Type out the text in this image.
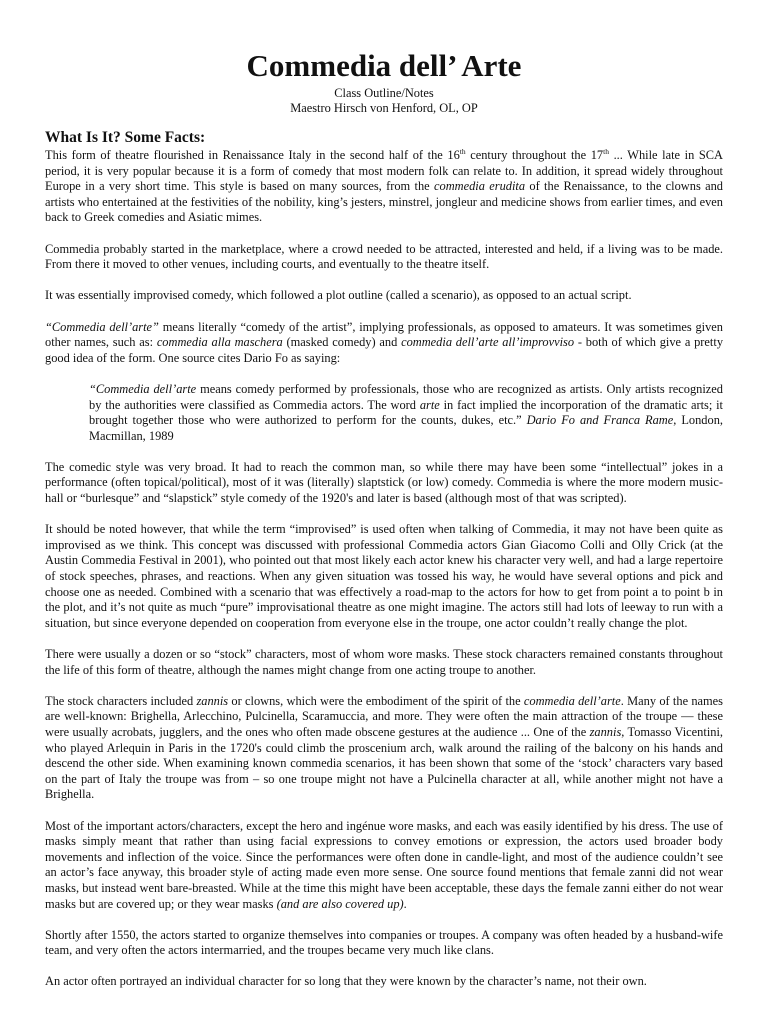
Commedia dell’ Arte
Class Outline/Notes
Maestro Hirsch von Henford, OL, OP
What Is It? Some Facts:

This form of theatre flourished in Renaissance Italy in the second half of the 16th century throughout the 17th ... While late in SCA period, it is very popular because it is a form of comedy that most modern folk can relate to. In addition, it spread widely throughout Europe in a very short time. This style is based on many sources, from the commedia erudita of the Renaissance, to the clowns and artists who entertained at the festivities of the nobility, king’s jesters, minstrel, jongleur and medicine shows from earlier times, and even back to Greek comedies and Asiatic mimes.

Commedia probably started in the marketplace, where a crowd needed to be attracted, interested and held, if a living was to be made. From there it moved to other venues, including courts, and eventually to the theatre itself.

It was essentially improvised comedy, which followed a plot outline (called a scenario), as opposed to an actual script.

“Commedia dell’arte” means literally “comedy of the artist”, implying professionals, as opposed to amateurs. It was sometimes given other names, such as: commedia alla maschera (masked comedy) and commedia dell’arte all’improvviso - both of which give a pretty good idea of the form. One source cites Dario Fo as saying:

“Commedia dell’arte means comedy performed by professionals, those who are recognized as artists. Only artists recognized by the authorities were classified as Commedia actors. The word arte in fact implied the incorporation of the dramatic arts; it brought together those who were authorized to perform for the counts, dukes, etc.” Dario Fo and Franca Rame, London, Macmillan, 1989

The comedic style was very broad. It had to reach the common man, so while there may have been some “intellectual” jokes in a performance (often topical/political), most of it was (literally) slaptstick (or low) comedy. Commedia is where the more modern music-hall or “burlesque” and “slapstick” style comedy of the 1920's and later is based (although most of that was scripted).

It should be noted however, that while the term “improvised” is used often when talking of Commedia, it may not have been quite as improvised as we think. This concept was discussed with professional Commedia actors Gian Giacomo Colli and Olly Crick (at the Austin Commedia Festival in 2001), who pointed out that most likely each actor knew his character very well, and had a large repertoire of stock speeches, phrases, and reactions. When any given situation was tossed his way, he would have several options and pick and choose one as needed. Combined with a scenario that was effectively a road-map to the actors for how to get from point a to point b in the plot, and it’s not quite as much “pure” improvisational theatre as one might imagine. The actors still had lots of leeway to run with a situation, but since everyone depended on cooperation from everyone else in the troupe, one actor couldn’t really change the plot.

There were usually a dozen or so “stock” characters, most of whom wore masks. These stock characters remained constants throughout the life of this form of theatre, although the names might change from one acting troupe to another.

The stock characters included zannis or clowns, which were the embodiment of the spirit of the commedia dell’arte. Many of the names are well-known: Brighella, Arlecchino, Pulcinella, Scaramuccia, and more. They were often the main attraction of the troupe — these were usually acrobats, jugglers, and the ones who often made obscene gestures at the audience ... One of the zannis, Tomasso Vicentini, who played Arlequin in Paris in the 1720's could climb the proscenium arch, walk around the railing of the balcony on his hands and descend the other side. When examining known commedia scenarios, it has been shown that some of the ‘stock’ characters vary based on the part of Italy the troupe was from – so one troupe might not have a Pulcinella character at all, while another might not have a Brighella.

Most of the important actors/characters, except the hero and ingénue wore masks, and each was easily identified by his dress. The use of masks simply meant that rather than using facial expressions to convey emotions or expression, the actors used broader body movements and inflection of the voice. Since the performances were often done in candle-light, and most of the audience couldn’t see an actor’s face anyway, this broader style of acting made even more sense. One source found mentions that female zanni did not wear masks, but instead went bare-breasted. While at the time this might have been acceptable, these days the female zanni either do not wear masks but are covered up; or they wear masks (and are also covered up).

Shortly after 1550, the actors started to organize themselves into companies or troupes. A company was often headed by a husband-wife team, and very often the actors intermarried, and the troupes became very much like clans.

An actor often portrayed an individual character for so long that they were known by the character’s name, not their own.
